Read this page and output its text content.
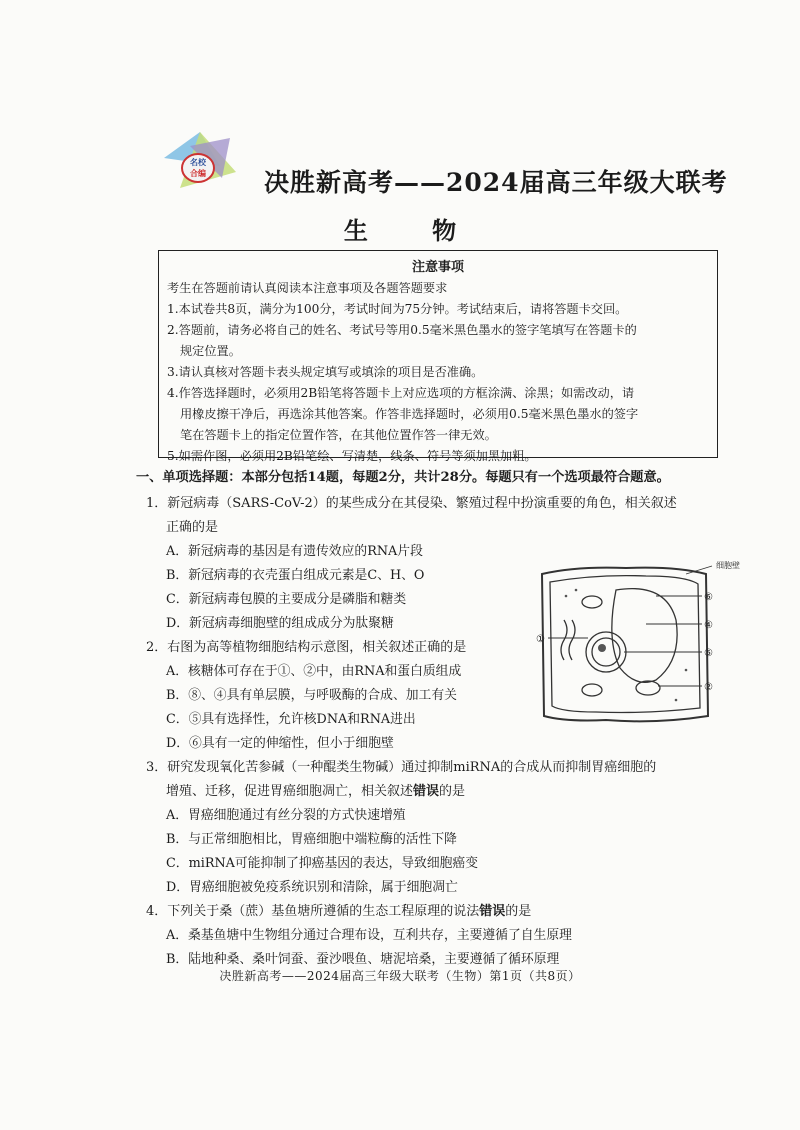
名校
合编 决胜新高考——2024届高三年级大联考
生 物
注意事项
考生在答题前请认真阅读本注意事项及各题答题要求
1.本试卷共8页，满分为100分，考试时间为75分钟。考试结束后，请将答题卡交回。
2.答题前，请务必将自己的姓名、考试号等用0.5毫米黑色墨水的签字笔填写在答题卡的
规定位置。
3.请认真核对答题卡表头规定填写或填涂的项目是否准确。
4.作答选择题时，必须用2B铅笔将答题卡上对应选项的方框涂满、涂黑；如需改动，请
用橡皮擦干净后，再选涂其他答案。作答非选择题时，必须用0.5毫米黑色墨水的签字
笔在答题卡上的指定位置作答，在其他位置作答一律无效。
5.如需作图，必须用2B铅笔绘、写清楚，线条、符号等须加黑加粗。
一、单项选择题：本部分包括14题，每题2分，共计28分。每题只有一个选项最符合题意。
1．新冠病毒（SARS-CoV-2）的某些成分在其侵染、繁殖过程中扮演重要的角色，相关叙述
正确的是
A．新冠病毒的基因是有遗传效应的RNA片段
B．新冠病毒的衣壳蛋白组成元素是C、H、O
C．新冠病毒包膜的主要成分是磷脂和糖类
D．新冠病毒细胞壁的组成成分为肽聚糖
2．右图为高等植物细胞结构示意图，相关叙述正确的是
A．核糖体可存在于①、②中，由RNA和蛋白质组成
B．⑧、④具有单层膜，与呼吸酶的合成、加工有关
C．⑤具有选择性，允许核DNA和RNA进出
D．⑥具有一定的伸缩性，但小于细胞壁
细胞壁
⑥
④
①
⑤
②
3．研究发现氧化苦参碱（一种醌类生物碱）通过抑制miRNA的合成从而抑制胃癌细胞的
增殖、迁移，促进胃癌细胞凋亡，相关叙述错误的是
A．胃癌细胞通过有丝分裂的方式快速增殖
B．与正常细胞相比，胃癌细胞中端粒酶的活性下降
C．miRNA可能抑制了抑癌基因的表达，导致细胞癌变
D．胃癌细胞被免疫系统识别和清除，属于细胞凋亡
4．下列关于桑（蔗）基鱼塘所遵循的生态工程原理的说法错误的是
A．桑基鱼塘中生物组分通过合理布设，互利共存，主要遵循了自生原理
B．陆地种桑、桑叶饲蚕、蚕沙喂鱼、塘泥培桑，主要遵循了循环原理
决胜新高考——2024届高三年级大联考（生物）第1页（共8页）
